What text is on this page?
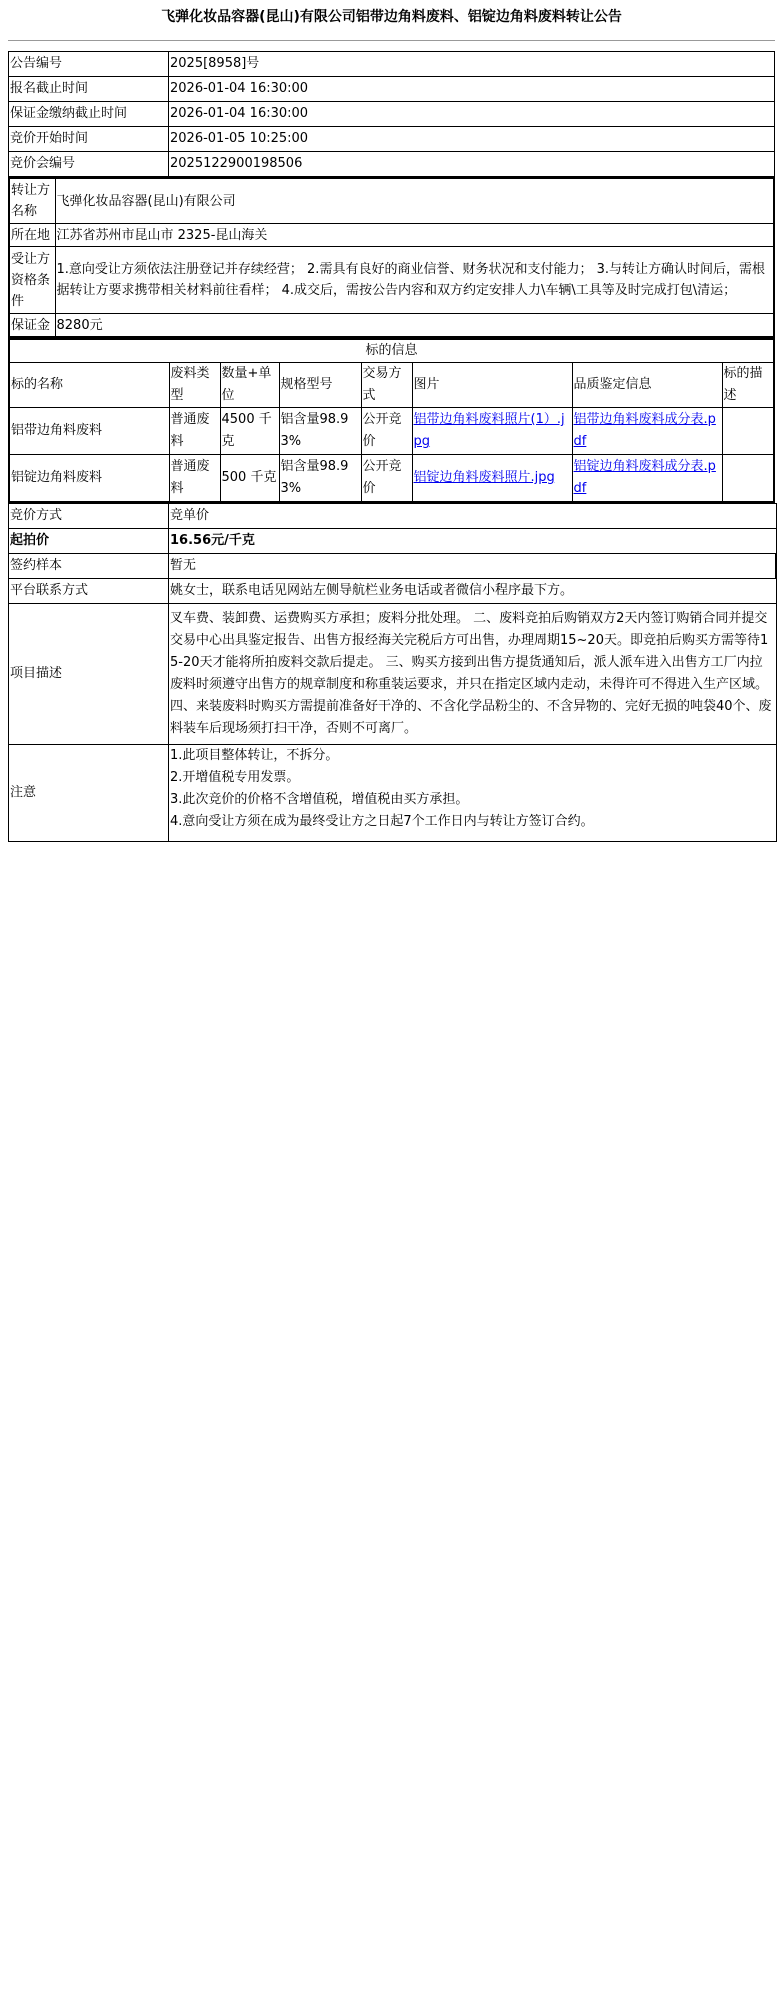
飞弹化妆品容器(昆山)有限公司铝带边角料废料、铝锭边角料废料转让公告
公告编号	2025[8958]号
报名截止时间	2026-01-04 16:30:00
保证金缴纳截止时间	2026-01-04 16:30:00
竞价开始时间	2026-01-05 10:25:00
竞价会编号	2025122900198506
转让方名称	飞弹化妆品容器(昆山)有限公司
所在地	江苏省苏州市昆山市 2325-昆山海关
受让方资格条件	1.意向受让方须依法注册登记并存续经营； 2.需具有良好的商业信誉、财务状况和支付能力； 3.与转让方确认时间后，需根据转让方要求携带相关材料前往看样； 4.成交后，需按公告内容和双方约定安排人力\车辆\工具等及时完成打包\清运；
保证金	8280元
标的信息							
标的名称	废料类型	数量+单位	规格型号	交易方式	图片	品质鉴定信息	标的描述
铝带边角料废料	普通废料	4500 千克	铝含量98.93%	公开竞价	铝带边角料废料照片(1）.jpg	铝带边角料废料成分表.pdf	
铝锭边角料废料	普通废料	500 千克	铝含量98.93%	公开竞价	铝锭边角料废料照片.jpg	铝锭边角料废料成分表.pdf	
竞价方式	竞单价
起拍价	16.56元/千克
签约样本	暂无
平台联系方式	姚女士，联系电话见网站左侧导航栏业务电话或者微信小程序最下方。
项目描述	叉车费、装卸费、运费购买方承担；废料分批处理。 二、废料竞拍后购销双方2天内签订购销合同并提交交易中心出具鉴定报告、出售方报经海关完税后方可出售，办理周期15~20天。即竞拍后购买方需等待15-20天才能将所拍废料交款后提走。 三、购买方接到出售方提货通知后，派人派车进入出售方工厂内拉废料时须遵守出售方的规章制度和称重装运要求，并只在指定区域内走动，未得许可不得进入生产区域。 四、来装废料时购买方需提前准备好干净的、不含化学品粉尘的、不含异物的、完好无损的吨袋40个、废料装车后现场须打扫干净，否则不可离厂。
注意	1.此项目整体转让，不拆分。
2.开增值税专用发票。
3.此次竞价的价格不含增值税，增值税由买方承担。
4.意向受让方须在成为最终受让方之日起7个工作日内与转让方签订合约。
